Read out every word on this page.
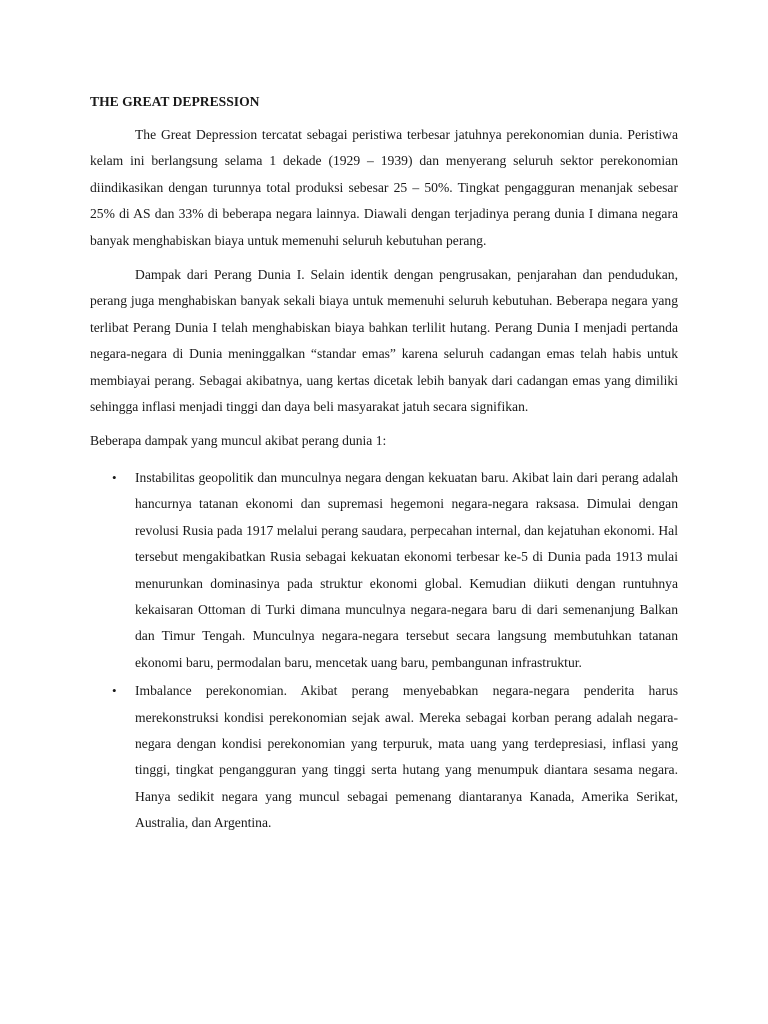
THE GREAT DEPRESSION

The Great Depression tercatat sebagai peristiwa terbesar jatuhnya perekonomian dunia. Peristiwa kelam ini berlangsung selama 1 dekade (1929 – 1939) dan menyerang seluruh sektor perekonomian diindikasikan dengan turunnya total produksi sebesar 25 – 50%. Tingkat pengagguran menanjak sebesar 25% di AS dan 33% di beberapa negara lainnya. Diawali dengan terjadinya perang dunia I dimana negara banyak menghabiskan biaya untuk memenuhi seluruh kebutuhan perang.

Dampak dari Perang Dunia I. Selain identik dengan pengrusakan, penjarahan dan pendudukan, perang juga menghabiskan banyak sekali biaya untuk memenuhi seluruh kebutuhan. Beberapa negara yang terlibat Perang Dunia I telah menghabiskan biaya bahkan terlilit hutang. Perang Dunia I menjadi pertanda negara-negara di Dunia meninggalkan “standar emas” karena seluruh cadangan emas telah habis untuk membiayai perang. Sebagai akibatnya, uang kertas dicetak lebih banyak dari cadangan emas yang dimiliki sehingga inflasi menjadi tinggi dan daya beli masyarakat jatuh secara signifikan.

Beberapa dampak yang muncul akibat perang dunia 1:

• Instabilitas geopolitik dan munculnya negara dengan kekuatan baru. Akibat lain dari perang adalah hancurnya tatanan ekonomi dan supremasi hegemoni negara-negara raksasa. Dimulai dengan revolusi Rusia pada 1917 melalui perang saudara, perpecahan internal, dan kejatuhan ekonomi. Hal tersebut mengakibatkan Rusia sebagai kekuatan ekonomi terbesar ke-5 di Dunia pada 1913 mulai menurunkan dominasinya pada struktur ekonomi global. Kemudian diikuti dengan runtuhnya kekaisaran Ottoman di Turki dimana munculnya negara-negara baru di dari semenanjung Balkan dan Timur Tengah. Munculnya negara-negara tersebut secara langsung membutuhkan tatanan ekonomi baru, permodalan baru, mencetak uang baru, pembangunan infrastruktur.
• Imbalance perekonomian. Akibat perang menyebabkan negara-negara penderita harus merekonstruksi kondisi perekonomian sejak awal. Mereka sebagai korban perang adalah negara-negara dengan kondisi perekonomian yang terpuruk, mata uang yang terdepresiasi, inflasi yang tinggi, tingkat pengangguran yang tinggi serta hutang yang menumpuk diantara sesama negara. Hanya sedikit negara yang muncul sebagai pemenang diantaranya Kanada, Amerika Serikat, Australia, dan Argentina.
